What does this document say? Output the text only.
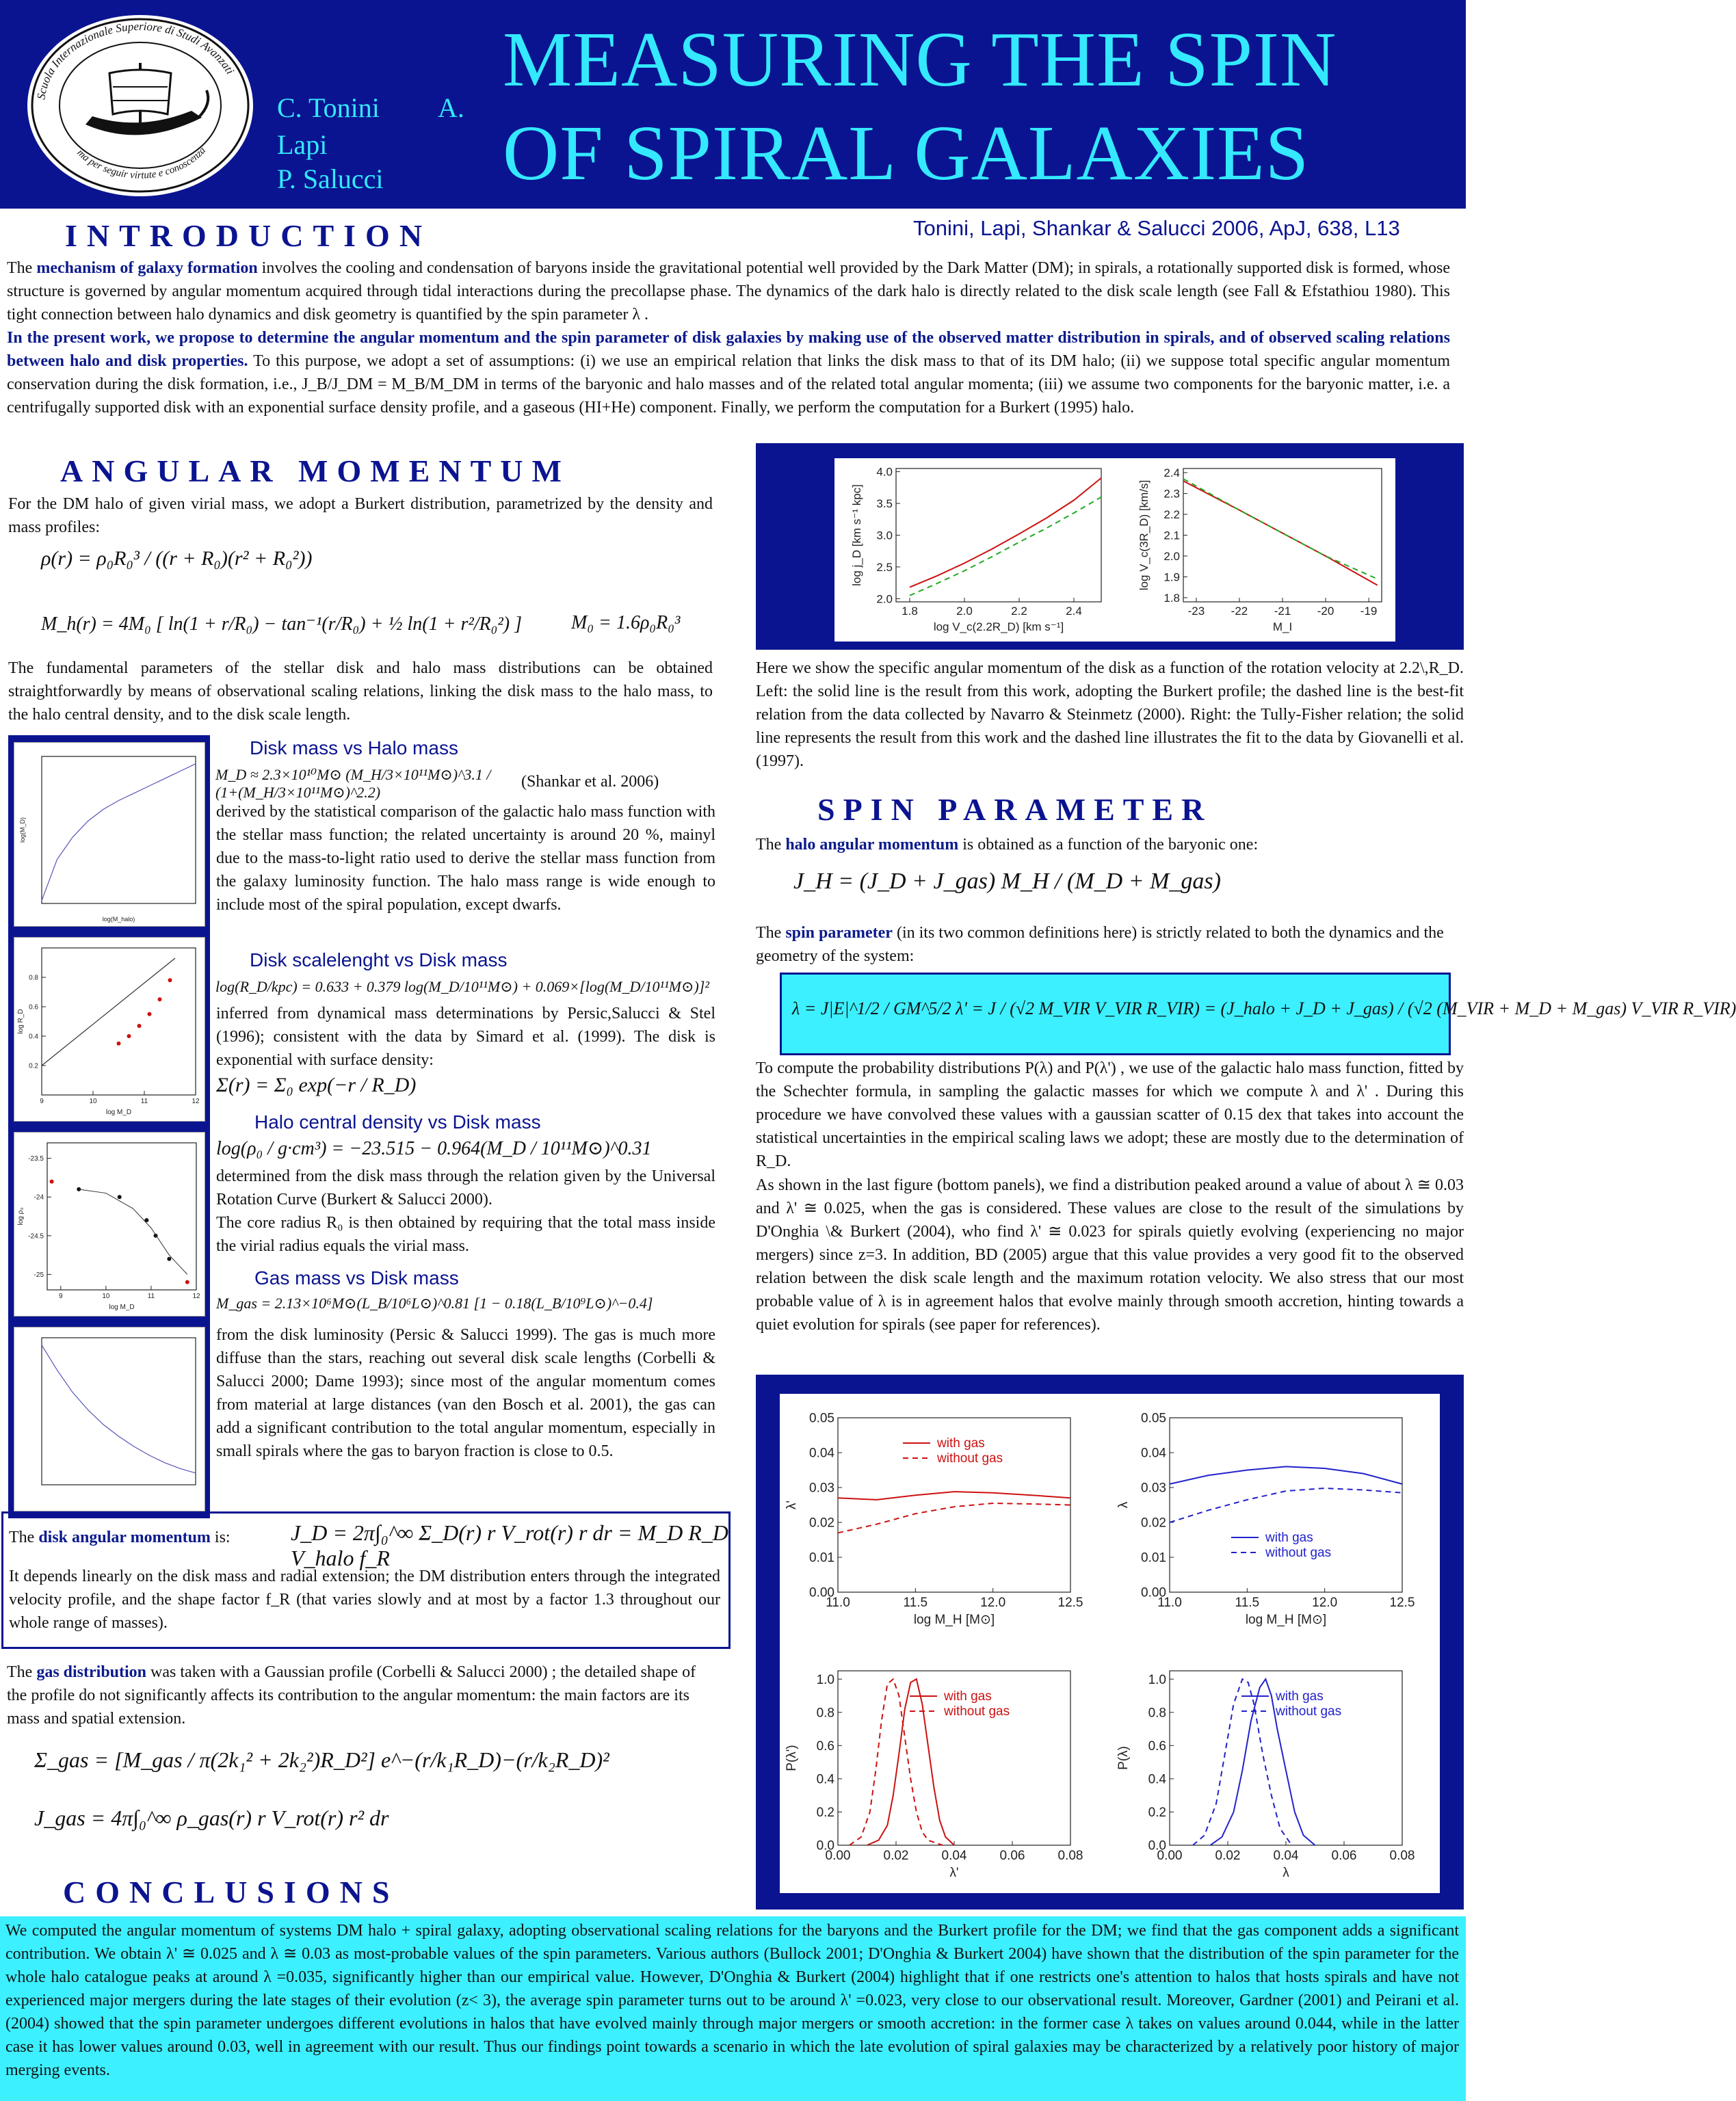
Scuola Internazionale Superiore di Studi Avanzati
ma per seguir virtute e conoscenza
C. Tonini A.
Lapi
P. Salucci
MEASURING THE SPIN
OF SPIRAL GALAXIES
Tonini, Lapi, Shankar & Salucci 2006, ApJ, 638, L13
INTRODUCTION
The mechanism of galaxy formation involves the cooling and condensation of baryons inside the gravitational potential well provided by the Dark Matter (DM); in spirals, a rotationally supported disk is formed, whose structure is governed by angular momentum acquired through tidal interactions during the precollapse phase. The dynamics of the dark halo is directly related to the disk scale length (see Fall & Efstathiou 1980). This tight connection between halo dynamics and disk geometry is quantified by the spin parameter λ .
In the present work, we propose to determine the angular momentum and the spin parameter of disk galaxies by making use of the observed matter distribution in spirals, and of observed scaling relations between halo and disk properties. To this purpose, we adopt a set of assumptions: (i) we use an empirical relation that links the disk mass to that of its DM halo; (ii) we suppose total specific angular momentum conservation during the disk formation, i.e., J_B/J_DM = M_B/M_DM in terms of the baryonic and halo masses and of the related total angular momenta; (iii) we assume two components for the baryonic matter, i.e. a centrifugally supported disk with an exponential surface density profile, and a gaseous (HI+He) component. Finally, we perform the computation for a Burkert (1995) halo.
ANGULAR MOMENTUM
For the DM halo of given virial mass, we adopt a Burkert distribution, parametrized by the density and mass profiles:
ρ(r) = ρ₀R₀³ / ((r + R₀)(r² + R₀²))
M_h(r) = 4M₀ [ ln(1 + r/R₀) − tan⁻¹(r/R₀) + ½ ln(1 + r²/R₀²) ]	M₀ = 1.6ρ₀R₀³
The fundamental parameters of the stellar disk and halo mass distributions can be obtained straightforwardly by means of observational scaling relations, linking the disk mass to the halo mass, to the halo central density, and to the disk scale length.
log(M_halo)
log(M_D)
9	10	11	12
0.2
0.4
0.6
0.8
log M_D
log R_D
9	10	11	12
-25
-24.5
-24
-23.5
log M_D
log ρ₀
Disk mass vs Halo mass
M_D ≈ 2.3×10¹⁰M⊙ (M_H/3×10¹¹M⊙)^3.1 / (1+(M_H/3×10¹¹M⊙)^2.2)
(Shankar et al. 2006)
derived by the statistical comparison of the galactic halo mass function with the stellar mass function; the related uncertainty is around 20 %, mainyl due to the mass-to-light ratio used to derive the stellar mass function from the galaxy luminosity function. The halo mass range is wide enough to include most of the spiral population, except dwarfs.
Disk scalelenght vs Disk mass
log(R_D/kpc) = 0.633 + 0.379 log(M_D/10¹¹M⊙) + 0.069×[log(M_D/10¹¹M⊙)]²
inferred from dynamical mass determinations by Persic,Salucci & Stel (1996); consistent with the data by Simard et al. (1999). The disk is exponential with surface density:
Σ(r) = Σ₀ exp(−r / R_D)
Halo central density vs Disk mass
log(ρ₀ / g·cm³) = −23.515 − 0.964(M_D / 10¹¹M⊙)^0.31
determined from the disk mass through the relation given by the Universal Rotation Curve (Burkert & Salucci 2000).
The core radius R₀ is then obtained by requiring that the total mass inside the virial radius equals the virial mass.
Gas mass vs Disk mass
M_gas = 2.13×10⁶M⊙(L_B/10⁶L⊙)^0.81 [1 − 0.18(L_B/10⁹L⊙)^−0.4]
from the disk luminosity (Persic & Salucci 1999). The gas is much more diffuse than the stars, reaching out several disk scale lengths (Corbelli & Salucci 2000; Dame 1993); since most of the angular momentum comes from material at large distances (van den Bosch et al. 2001), the gas can add a significant contribution to the total angular momentum, especially in small spirals where the gas to baryon fraction is close to 0.5.
The disk angular momentum is:	J_D = 2π∫₀^∞ Σ_D(r) r V_rot(r) r dr = M_D R_D V_halo f_R
It depends linearly on the disk mass and radial extension; the DM distribution enters through the integrated velocity profile, and the shape factor f_R (that varies slowly and at most by a factor 1.3 throughout our whole range of masses).
The gas distribution was taken with a Gaussian profile (Corbelli & Salucci 2000) ; the detailed shape of the profile do not significantly affects its contribution to the angular momentum: the main factors are its mass and spatial extension.
Σ_gas = [M_gas / π(2k₁² + 2k₂²)R_D²] e^−(r/k₁R_D)−(r/k₂R_D)²
J_gas = 4π∫₀^∞ ρ_gas(r) r V_rot(r) r² dr
1.8	2.0	2.2	2.4
2.0
2.5
3.0
3.5
4.0
log V_c(2.2R_D) [km s⁻¹]
log j_D [km s⁻¹ kpc]
-23 -22 -21 -20 -19
1.8
1.9
2.0
2.1
2.2
2.3
2.4
M_I
log V_c(3R_D) [km/s]
Here we show the specific angular momentum of the disk as a function of the rotation velocity at 2.2\,R_D. Left: the solid line is the result from this work, adopting the Burkert profile; the dashed line is the best-fit relation from the data collected by Navarro & Steinmetz (2000). Right: the Tully-Fisher relation; the solid line represents the result from this work and the dashed line illustrates the fit to the data by Giovanelli et al. (1997).
SPIN PARAMETER
The halo angular momentum is obtained as a function of the baryonic one:
J_H = (J_D + J_gas) M_H / (M_D + M_gas)
The spin parameter (in its two common definitions here) is strictly related to both the dynamics and the geometry of the system:
λ = J|E|^1/2 / GM^5/2 λ' = J / (√2 M_VIR V_VIR R_VIR) = (J_halo + J_D + J_gas) / (√2 (M_VIR + M_D + M_gas) V_VIR R_VIR)
To compute the probability distributions P(λ) and P(λ') , we use of the galactic halo mass function, fitted by the Schechter formula, in sampling the galactic masses for which we compute λ and λ' . During this procedure we have convolved these values with a gaussian scatter of 0.15 dex that takes into account the statistical uncertainties in the empirical scaling laws we adopt; these are mostly due to the determination of R_D.
As shown in the last figure (bottom panels), we find a distribution peaked around a value of about λ ≅ 0.03 and λ' ≅ 0.025, when the gas is considered. These values are close to the result of the simulations by D'Onghia \& Burkert (2004), who find λ' ≅ 0.023 for spirals quietly evolving (experiencing no major mergers) since z=3. In addition, BD (2005) argue that this value provides a very good fit to the observed relation between the disk scale length and the maximum rotation velocity. We also stress that our most probable value of λ is in agreement halos that evolve mainly through smooth accretion, hinting towards a quiet evolution for spirals (see paper for references).
11.0	11.5	12.0	12.5
0.00
0.01
0.02
0.03
0.04
0.05
log M_H [M⊙]
λ'
with gas
without gas
11.0	11.5	12.0	12.5
0.00
0.01
0.02
0.03
0.04
0.05
log M_H [M⊙]
λ
with gas
without gas
0.00	0.02	0.04	0.06	0.08
0.0
0.2
0.4
0.6
0.8
1.0
λ'
P(λ')
with gas
without gas
0.00	0.02	0.04	0.06	0.08
0.0
0.2
0.4
0.6
0.8
1.0
λ
P(λ)
with gas
without gas
CONCLUSIONS
We computed the angular momentum of systems DM halo + spiral galaxy, adopting observational scaling relations for the baryons and the Burkert profile for the DM; we find that the gas component adds a significant contribution. We obtain λ' ≅ 0.025 and λ ≅ 0.03 as most-probable values of the spin parameters. Various authors (Bullock 2001; D'Onghia & Burkert 2004) have shown that the distribution of the spin parameter for the whole halo catalogue peaks at around λ =0.035, significantly higher than our empirical value. However, D'Onghia & Burkert (2004) highlight that if one restricts one's attention to halos that hosts spirals and have not experienced major mergers during the late stages of their evolution (z< 3), the average spin parameter turns out to be around λ' =0.023, very close to our observational result. Moreover, Gardner (2001) and Peirani et al. (2004) showed that the spin parameter undergoes different evolutions in halos that have evolved mainly through major mergers or smooth accretion: in the former case λ takes on values around 0.044, while in the latter case it has lower values around 0.03, well in agreement with our result. Thus our findings point towards a scenario in which the late evolution of spiral galaxies may be characterized by a relatively poor history of major merging events.
